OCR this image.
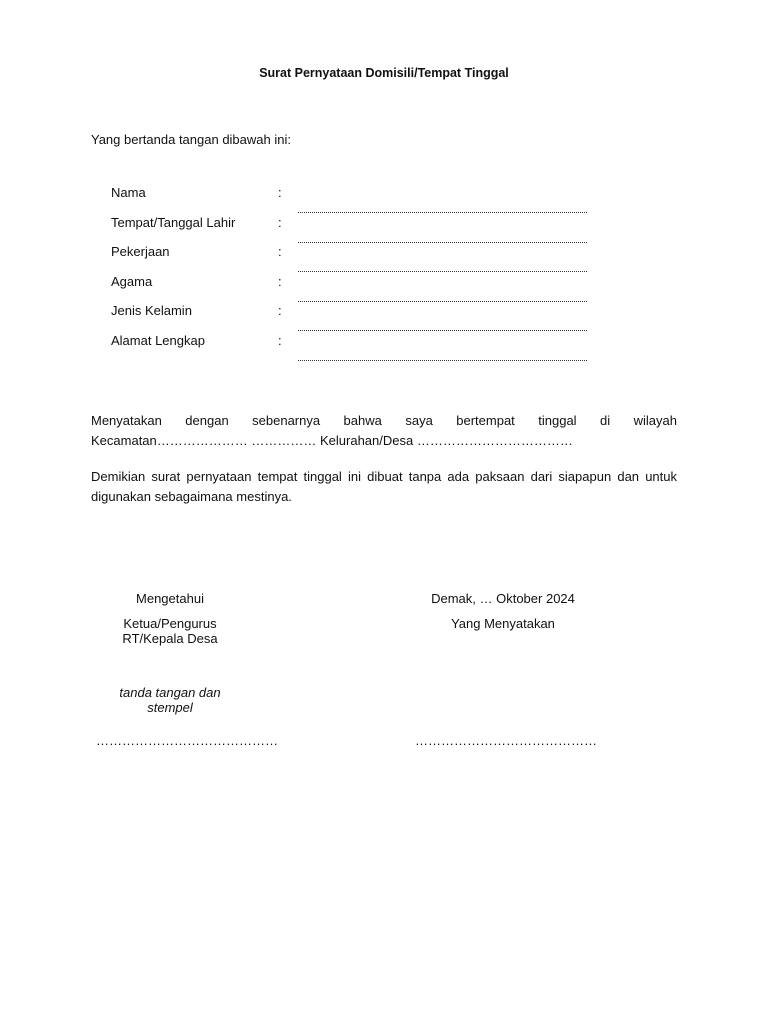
Surat Pernyataan Domisili/Tempat Tinggal
Yang bertanda tangan dibawah ini:
Nama	:
Tempat/Tanggal Lahir	:
Pekerjaan	:
Agama	:
Jenis Kelamin	:
Alamat Lengkap	:
Menyatakan dengan sebenarnya bahwa saya bertempat tinggal di wilayah Kecamatan………………… …………… Kelurahan/Desa ………………………………
Demikian surat pernyataan tempat tinggal ini dibuat tanpa ada paksaan dari siapapun dan untuk digunakan sebagaimana mestinya.
Mengetahui
Ketua/Pengurus
RT/Kepala Desa
tanda tangan dan
stempel
……………………………………
Demak, … Oktober 2024
Yang Menyatakan
……………………………………
